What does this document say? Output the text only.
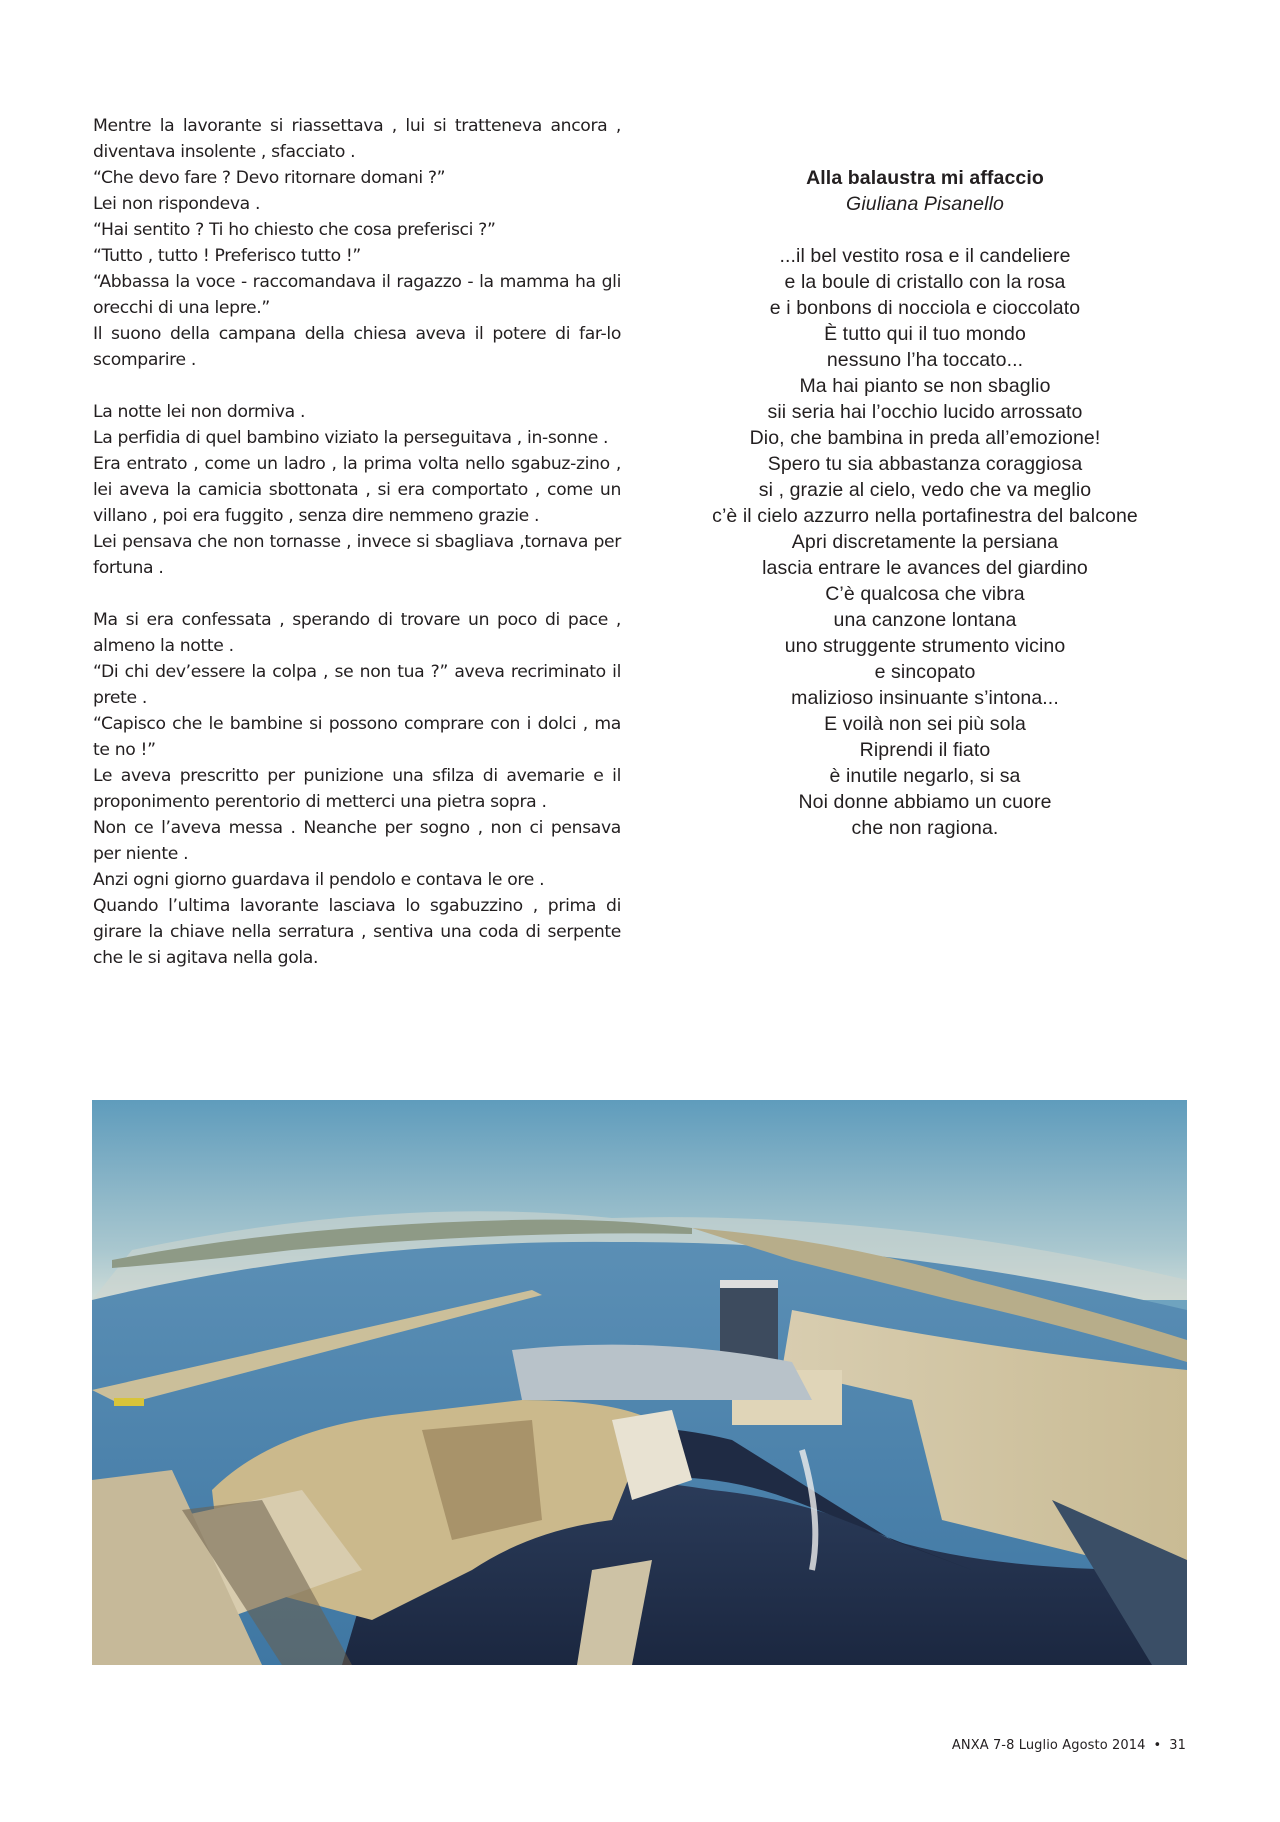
Mentre la lavorante si riassettava , lui si tratteneva ancora , diventava insolente , sfacciato .

“Che devo fare ? Devo ritornare domani ?”

Lei non rispondeva .

“Hai sentito ? Ti ho chiesto che cosa preferisci ?”

“Tutto , tutto ! Preferisco tutto !”

“Abbassa la voce - raccomandava il ragazzo - la mamma ha gli orecchi di una lepre.”

Il suono della campana della chiesa aveva il potere di far-lo scomparire .

La notte lei non dormiva .

La perfidia di quel bambino viziato la perseguitava , in-sonne .

Era entrato , come un ladro , la prima volta nello sgabuz-zino , lei aveva la camicia sbottonata , si era comportato , come un villano , poi era fuggito , senza dire nemmeno grazie .

Lei pensava che non tornasse , invece si sbagliava ,tornava per fortuna .

Ma si era confessata , sperando di trovare un poco di pace , almeno la notte .

“Di chi dev’essere la colpa , se non tua ?” aveva recriminato il prete .

“Capisco che le bambine si possono comprare con i dolci , ma te no !”

Le aveva prescritto per punizione una sfilza di avemarie e il proponimento perentorio di metterci una pietra sopra .

Non ce l’aveva messa . Neanche per sogno , non ci pensava per niente .

Anzi ogni giorno guardava il pendolo e contava le ore .

Quando l’ultima lavorante lasciava lo sgabuzzino , prima di girare la chiave nella serratura , sentiva una coda di serpente che le si agitava nella gola.

Alla balaustra mi affaccio
Giuliana Pisanello
...il bel vestito rosa e il candeliere
e la boule di cristallo con la rosa
e i bonbons di nocciola e cioccolato
È tutto qui il tuo mondo
nessuno l’ha toccato...
Ma hai pianto se non sbaglio
sii seria hai l’occhio lucido arrossato
Dio, che bambina in preda all’emozione!
Spero tu sia abbastanza coraggiosa
si , grazie al cielo, vedo che va meglio
c’è il cielo azzurro nella portafinestra del balcone
Apri discretamente la persiana
lascia entrare le avances del giardino
C’è qualcosa che vibra
una canzone lontana
uno struggente strumento vicino
e sincopato
malizioso insinuante s’intona...
E voilà non sei più sola
Riprendi il fiato
è inutile negarlo, si sa
Noi donne abbiamo un cuore
che non ragiona.
ANXA 7-8 Luglio Agosto 2014 • 31
